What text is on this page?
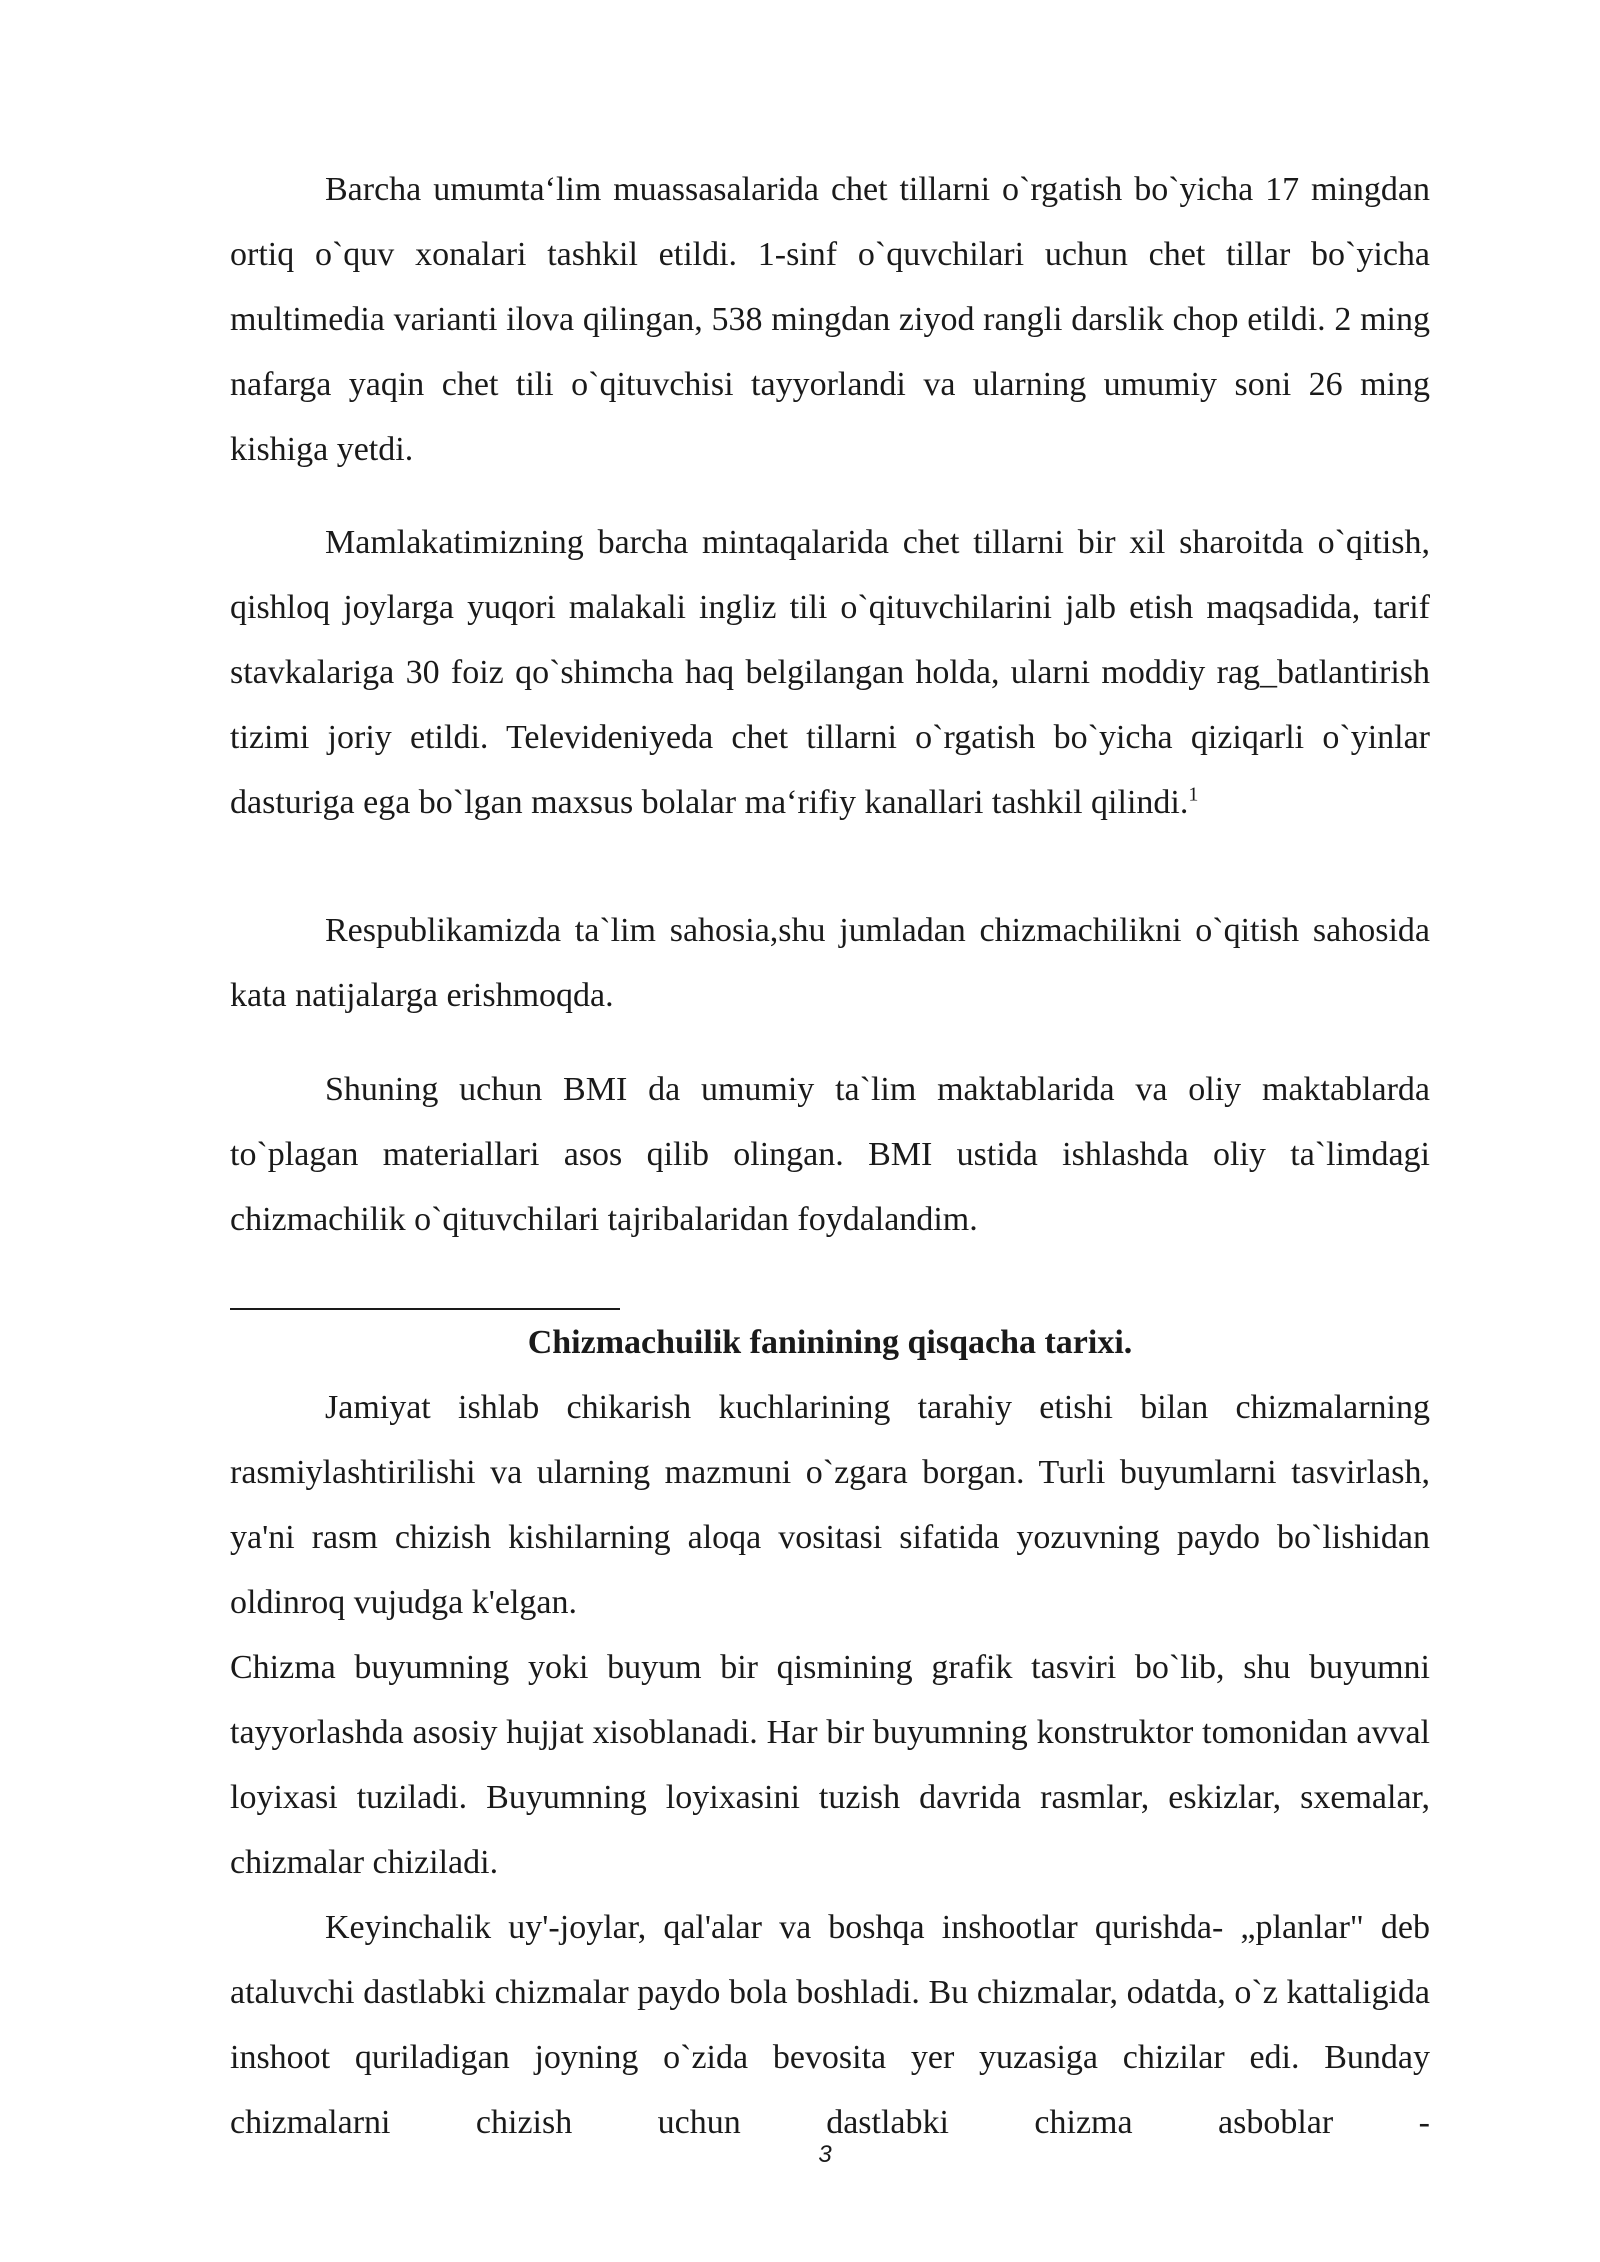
Barcha umumta‘lim muassasalarida chet tillarni o`rgatish bo`yicha 17 mingdan ortiq o`quv xonalari tashkil etildi. 1-sinf o`quvchilari uchun chet tillar bo`yicha multimedia varianti ilova qilingan, 538 mingdan ziyod rangli darslik chop etildi. 2 ming nafarga yaqin chet tili o`qituvchisi tayyorlandi va ularning umumiy soni 26 ming kishiga yetdi.

Mamlakatimizning barcha mintaqalarida chet tillarni bir xil sharoitda o`qitish, qishloq joylarga yuqori malakali ingliz tili o`qituvchilarini jalb etish maqsadida, tarif stavkalariga 30 foiz qo`shimcha haq belgilangan holda, ularni moddiy rag_batlantirish tizimi joriy etildi. Televideniyeda chet tillarni o`rgatish bo`yicha qiziqarli o`yinlar dasturiga ega bo`lgan maxsus bolalar ma‘rifiy kanallari tashkil qilindi.$^1$

Respublikamizda ta`lim sahosia,shu jumladan chizmachilikni o`qitish sahosida kata natijalarga erishmoqda.

Shuning uchun BMI da umumiy ta`lim maktablarida va oliy maktablarda to`plagan materiallari asos qilib olingan. BMI ustida ishlashda oliy ta`limdagi chizmachilik o`qituvchilari tajribalaridan foydalandim.

Chizmachuilik faninining qisqacha tarixi.

Jamiyat ishlab chikarish kuchlarining tarahiy etishi bilan chizmalarning rasmiylashtirilishi va ularning mazmuni o`zgara borgan. Turli buyumlarni tasvirlash, ya'ni rasm chizish kishilarning aloqa vositasi sifatida yozuvning paydo bo`lishidan oldinroq vujudga k'elgan.

Chizma buyumning yoki buyum bir qismining grafik tasviri bo`lib, shu buyumni tayyorlashda asosiy hujjat xisoblanadi. Har bir buyumning konstruktor tomonidan avval loyixasi tuziladi. Buyumning loyixasini tuzish davrida rasmlar, eskizlar, sxemalar, chizmalar chiziladi.

Keyinchalik uy'-joylar, qal'alar va boshqa inshootlar qurishda- „planlar" deb ataluvchi dastlabki chizmalar paydo bola boshladi. Bu chizmalar, odatda, o`z kattaligida inshoot quriladigan joyning o`zida bevosita yer yuzasiga chizilar edi. Bunday chizmalarni chizish uchun dastlabki chizma asboblar -

3
